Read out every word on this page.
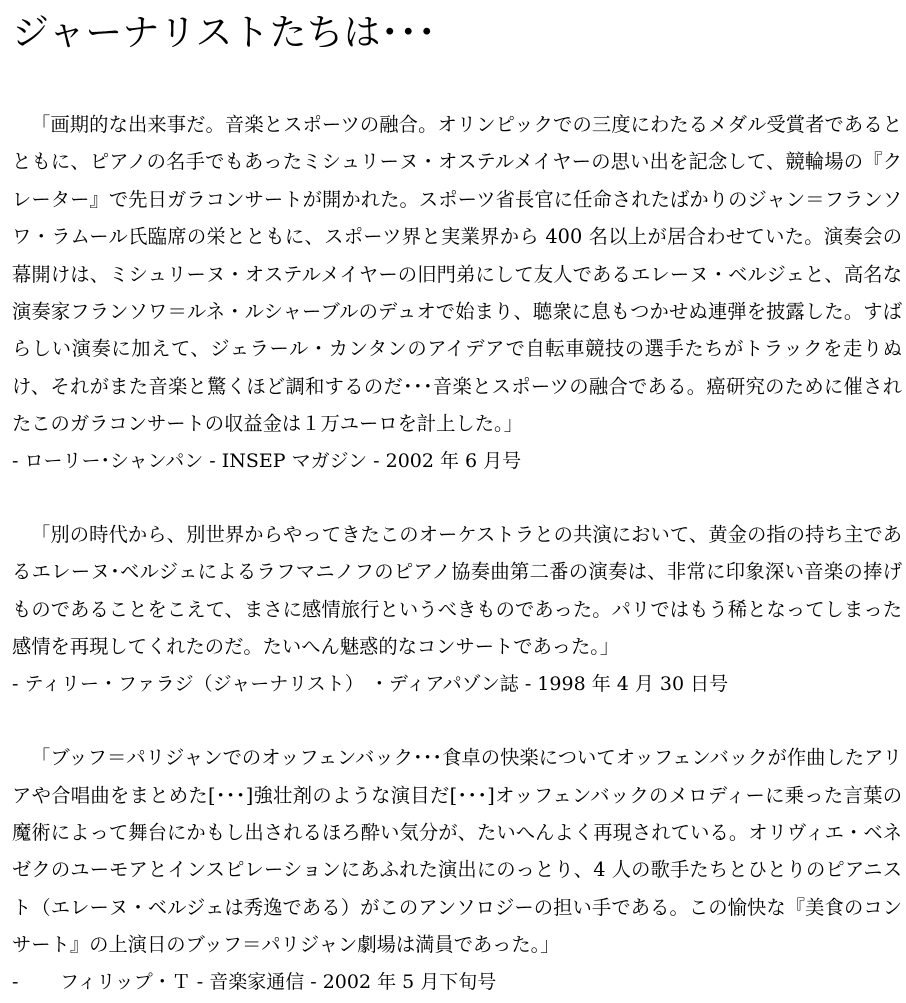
ジャーナリストたちは･･･

「画期的な出来事だ。音楽とスポーツの融合。オリンピックでの三度にわたるメダル受賞者であるとともに、ピアノの名手でもあったミシュリーヌ・オステルメイヤーの思い出を記念して、競輪場の『クレーター』で先日ガラコンサートが開かれた。スポーツ省長官に任命されたばかりのジャン＝フランソワ・ラムール氏臨席の栄とともに、スポーツ界と実業界から 400 名以上が居合わせていた。演奏会の幕開けは、ミシュリーヌ・オステルメイヤーの旧門弟にして友人であるエレーヌ・ベルジェと、高名な演奏家フランソワ＝ルネ・ルシャーブルのデュオで始まり、聴衆に息もつかせぬ連弾を披露した。すばらしい演奏に加えて、ジェラール・カンタンのアイデアで自転車競技の選手たちがトラックを走りぬけ、それがまた音楽と驚くほど調和するのだ･･･音楽とスポーツの融合である。癌研究のために催されたこのガラコンサートの収益金は１万ユーロを計上した。」

- ローリー･シャンパン - INSEP マガジン - 2002 年 6 月号

「別の時代から、別世界からやってきたこのオーケストラとの共演において、黄金の指の持ち主であるエレーヌ･ベルジェによるラフマニノフのピアノ協奏曲第二番の演奏は、非常に印象深い音楽の捧げものであることをこえて、まさに感情旅行というべきものであった。パリではもう稀となってしまった感情を再現してくれたのだ。たいへん魅惑的なコンサートであった。」

- ティリー・ファラジ（ジャーナリスト） ・ディアパゾン誌 - 1998 年 4 月 30 日号

「ブッフ＝パリジャンでのオッフェンバック･･･食卓の快楽についてオッフェンバックが作曲したアリアや合唱曲をまとめた[･･･]強壮剤のような演目だ[･･･]オッフェンバックのメロディーに乗った言葉の魔術によって舞台にかもし出されるほろ酔い気分が、たいへんよく再現されている。オリヴィエ・ベネゼクのユーモアとインスピレーションにあふれた演出にのっとり、4 人の歌手たちとひとりのピアニスト（エレーヌ・ベルジェは秀逸である）がこのアンソロジーの担い手である。この愉快な『美食のコンサート』の上演日のブッフ＝パリジャン劇場は満員であった。」

- フィリップ・Ｔ - 音楽家通信 - 2002 年 5 月下旬号
